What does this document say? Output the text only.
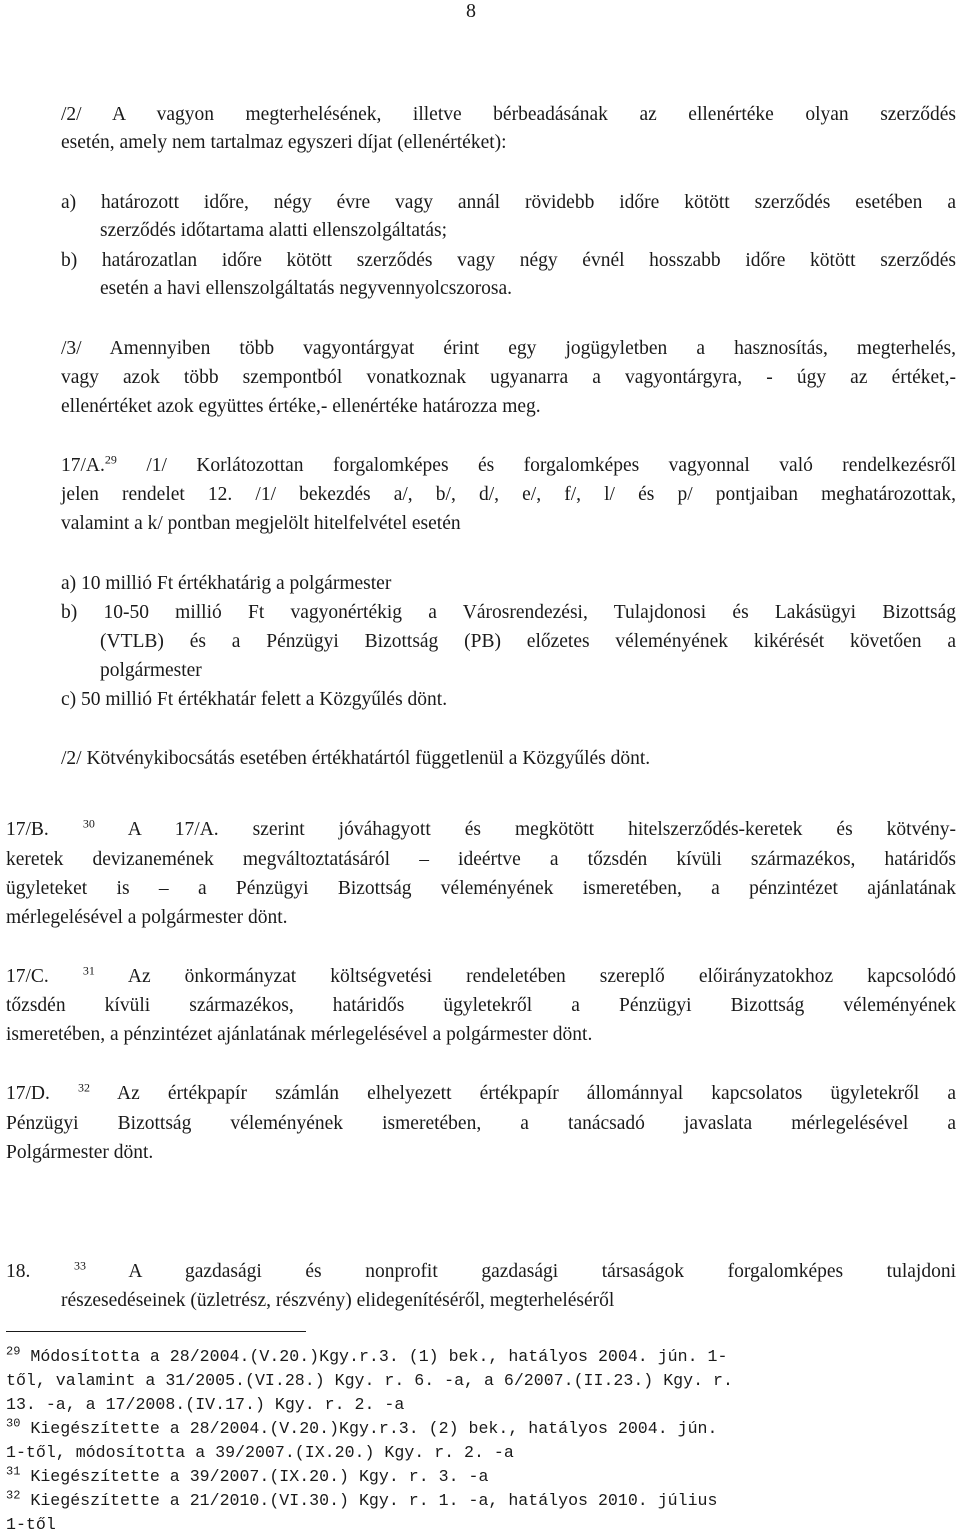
8
/2/ A vagyon megterhelésének, illetve bérbeadásának az ellenértéke olyan szerződés
esetén, amely nem tartalmaz egyszeri díjat (ellenértéket):
a) határozott időre, négy évre vagy annál rövidebb időre kötött szerződés esetében a
szerződés időtartama alatti ellenszolgáltatás;
b) határozatlan időre kötött szerződés vagy négy évnél hosszabb időre kötött szerződés
esetén a havi ellenszolgáltatás negyvennyolcszorosa.
/3/ Amennyiben több vagyontárgyat érint egy jogügyletben a hasznosítás, megterhelés,
vagy azok több szempontból vonatkoznak ugyanarra a vagyontárgyra, - úgy az értéket,-
ellenértéket azok együttes értéke,- ellenértéke határozza meg.
17/A.$^{29}$ /1/ Korlátozottan forgalomképes és forgalomképes vagyonnal való rendelkezésről
jelen rendelet 12. /1/ bekezdés a/, b/, d/, e/, f/, l/ és p/ pontjaiban meghatározottak,
valamint a k/ pontban megjelölt hitelfelvétel esetén
a) 10 millió Ft értékhatárig a polgármester
b) 10-50 millió Ft vagyonértékig a Városrendezési, Tulajdonosi és Lakásügyi Bizottság
(VTLB) és a Pénzügyi Bizottság (PB) előzetes véleményének kikérését követően a
polgármester
c) 50 millió Ft értékhatár felett a Közgyűlés dönt.
/2/ Kötvénykibocsátás esetében értékhatártól függetlenül a Közgyűlés dönt.
17/B. $^{30}$ A 17/A. szerint jóváhagyott és megkötött hitelszerződés-keretek és kötvény-
keretek devizanemének megváltoztatásáról – ideértve a tőzsdén kívüli származékos, határidős
ügyleteket is – a Pénzügyi Bizottság véleményének ismeretében, a pénzintézet ajánlatának
mérlegelésével a polgármester dönt.
17/C. $^{31}$ Az önkormányzat költségvetési rendeletében szereplő előirányzatokhoz kapcsolódó
tőzsdén kívüli származékos, határidős ügyletekről a Pénzügyi Bizottság véleményének
ismeretében, a pénzintézet ajánlatának mérlegelésével a polgármester dönt.
17/D. $^{32}$ Az értékpapír számlán elhelyezett értékpapír állománnyal kapcsolatos ügyletekről a
Pénzügyi Bizottság véleményének ismeretében, a tanácsadó javaslata mérlegelésével a
Polgármester dönt.
18. $^{33}$ A gazdasági és nonprofit gazdasági társaságok forgalomképes tulajdoni
részesedéseinek (üzletrész, részvény) elidegenítéséről, megterheléséről
$^{29}$ Módosította a 28/2004.(V.20.)Kgy.r.3. (1) bek., hatályos 2004. jún. 1-
től, valamint a 31/2005.(VI.28.) Kgy. r. 6. -a, a 6/2007.(II.23.) Kgy. r.
13. -a, a 17/2008.(IV.17.) Kgy. r. 2. -a
$^{30}$ Kiegészítette a 28/2004.(V.20.)Kgy.r.3. (2) bek., hatályos 2004. jún.
1-től, módosította a 39/2007.(IX.20.) Kgy. r. 2. -a
$^{31}$ Kiegészítette a 39/2007.(IX.20.) Kgy. r. 3. -a
$^{32}$ Kiegészítette a 21/2010.(VI.30.) Kgy. r. 1. -a, hatályos 2010. július
1-től
